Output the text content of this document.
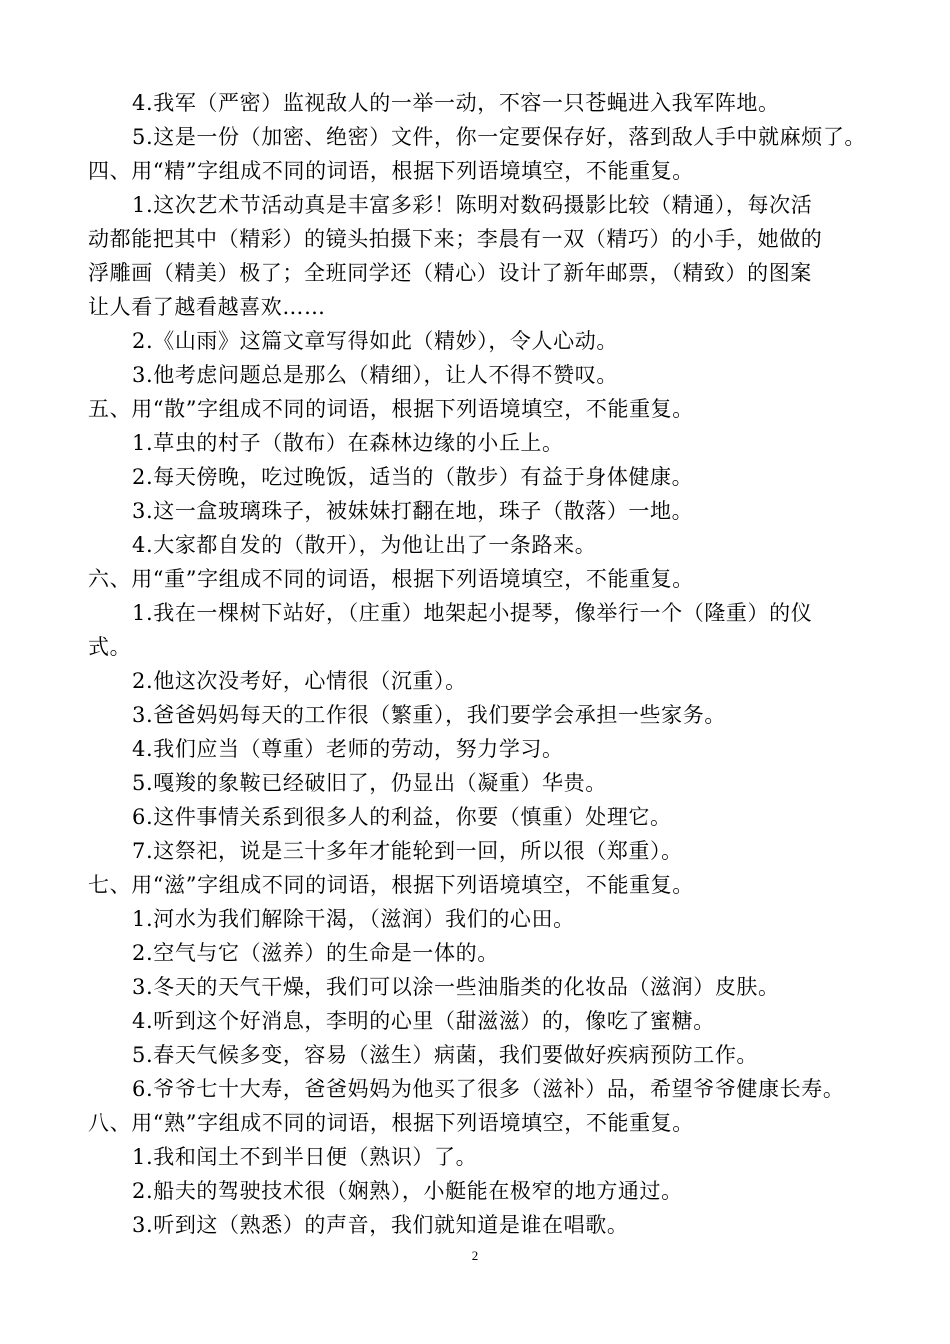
4.我军（严密）监视敌人的一举一动，不容一只苍蝇进入我军阵地。
5.这是一份（加密、绝密）文件，你一定要保存好，落到敌人手中就麻烦了。
四、用“精”字组成不同的词语，根据下列语境填空，不能重复。
1.这次艺术节活动真是丰富多彩！陈明对数码摄影比较（精通），每次活
动都能把其中（精彩）的镜头拍摄下来；李晨有一双（精巧）的小手，她做的
浮雕画（精美）极了；全班同学还（精心）设计了新年邮票，（精致）的图案
让人看了越看越喜欢……
2.《山雨》这篇文章写得如此（精妙），令人心动。
3.他考虑问题总是那么（精细），让人不得不赞叹。
五、用“散”字组成不同的词语，根据下列语境填空，不能重复。
1.草虫的村子（散布）在森林边缘的小丘上。
2.每天傍晚，吃过晚饭，适当的（散步）有益于身体健康。
3.这一盒玻璃珠子，被妹妹打翻在地，珠子（散落）一地。
4.大家都自发的（散开），为他让出了一条路来。
六、用“重”字组成不同的词语，根据下列语境填空，不能重复。
1.我在一棵树下站好，（庄重）地架起小提琴，像举行一个（隆重）的仪
式。
2.他这次没考好，心情很（沉重）。
3.爸爸妈妈每天的工作很（繁重），我们要学会承担一些家务。
4.我们应当（尊重）老师的劳动，努力学习。
5.嘎羧的象鞍已经破旧了，仍显出（凝重）华贵。
6.这件事情关系到很多人的利益，你要（慎重）处理它。
7.这祭祀，说是三十多年才能轮到一回，所以很（郑重）。
七、用“滋”字组成不同的词语，根据下列语境填空，不能重复。
1.河水为我们解除干渴，（滋润）我们的心田。
2.空气与它（滋养）的生命是一体的。
3.冬天的天气干燥，我们可以涂一些油脂类的化妆品（滋润）皮肤。
4.听到这个好消息，李明的心里（甜滋滋）的，像吃了蜜糖。
5.春天气候多变，容易（滋生）病菌，我们要做好疾病预防工作。
6.爷爷七十大寿，爸爸妈妈为他买了很多（滋补）品，希望爷爷健康长寿。
八、用“熟”字组成不同的词语，根据下列语境填空，不能重复。
1.我和闰土不到半日便（熟识）了。
2.船夫的驾驶技术很（娴熟），小艇能在极窄的地方通过。
3.听到这（熟悉）的声音，我们就知道是谁在唱歌。
2
